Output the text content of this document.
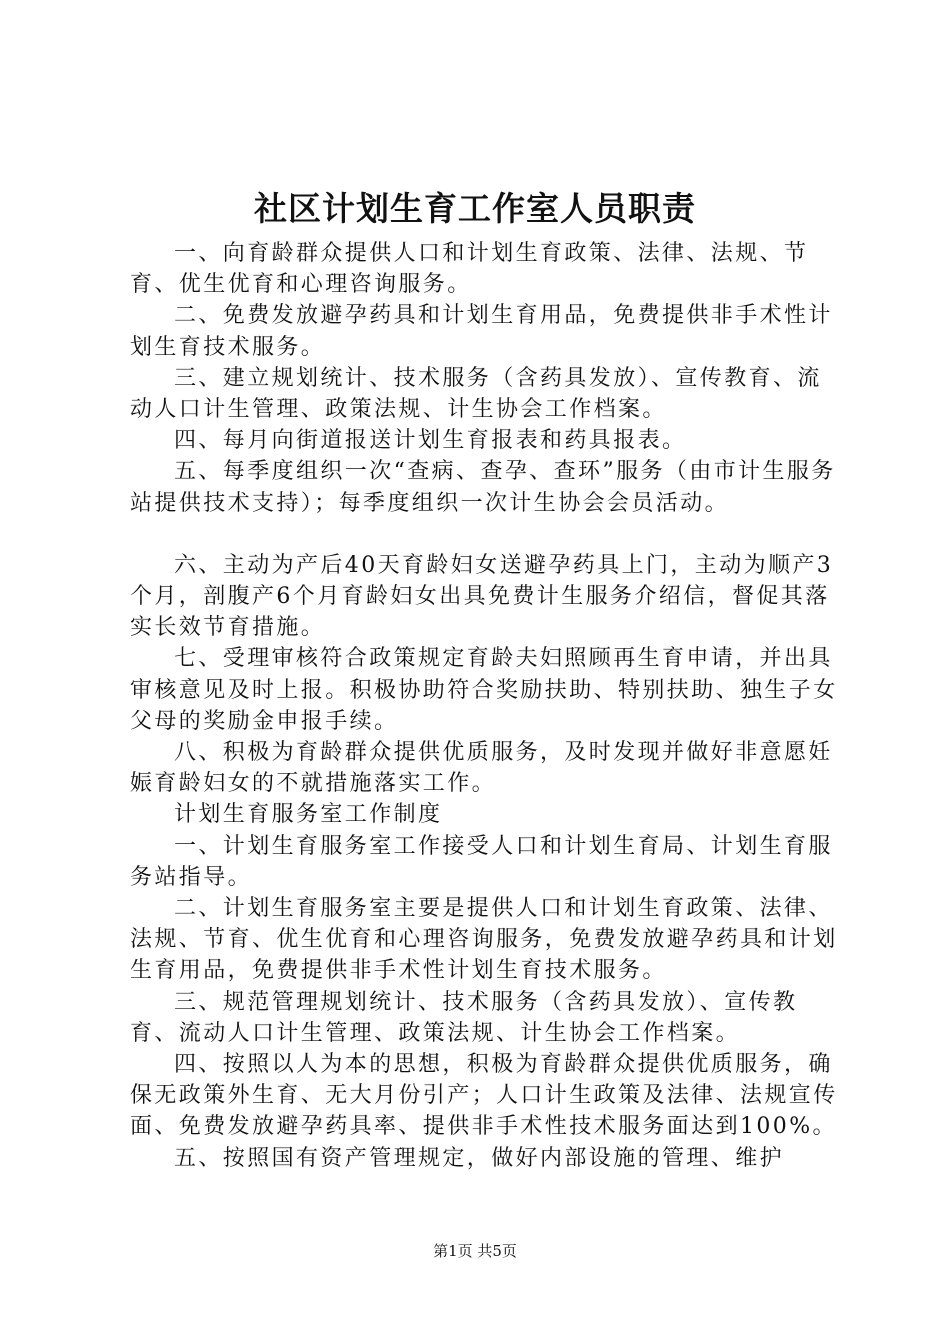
社区计划生育工作室人员职责

一、向育龄群众提供人口和计划生育政策、法律、法规、节育、优生优育和心理咨询服务。

二、免费发放避孕药具和计划生育用品，免费提供非手术性计划生育技术服务。

三、建立规划统计、技术服务（含药具发放）、宣传教育、流动人口计生管理、政策法规、计生协会工作档案。

四、每月向街道报送计划生育报表和药具报表。

五、每季度组织一次“查病、查孕、查环”服务（由市计生服务站提供技术支持）；每季度组织一次计生协会会员活动。

六、主动为产后40天育龄妇女送避孕药具上门，主动为顺产3个月，剖腹产6个月育龄妇女出具免费计生服务介绍信，督促其落实长效节育措施。

七、受理审核符合政策规定育龄夫妇照顾再生育申请，并出具审核意见及时上报。积极协助符合奖励扶助、特别扶助、独生子女父母的奖励金申报手续。

八、积极为育龄群众提供优质服务，及时发现并做好非意愿妊娠育龄妇女的不就措施落实工作。

计划生育服务室工作制度

一、计划生育服务室工作接受人口和计划生育局、计划生育服务站指导。

二、计划生育服务室主要是提供人口和计划生育政策、法律、法规、节育、优生优育和心理咨询服务，免费发放避孕药具和计划生育用品，免费提供非手术性计划生育技术服务。

三、规范管理规划统计、技术服务（含药具发放）、宣传教育、流动人口计生管理、政策法规、计生协会工作档案。

四、按照以人为本的思想，积极为育龄群众提供优质服务，确保无政策外生育、无大月份引产；人口计生政策及法律、法规宣传面、免费发放避孕药具率、提供非手术性技术服务面达到100%。

五、按照国有资产管理规定，做好内部设施的管理、维护

第1页 共5页
